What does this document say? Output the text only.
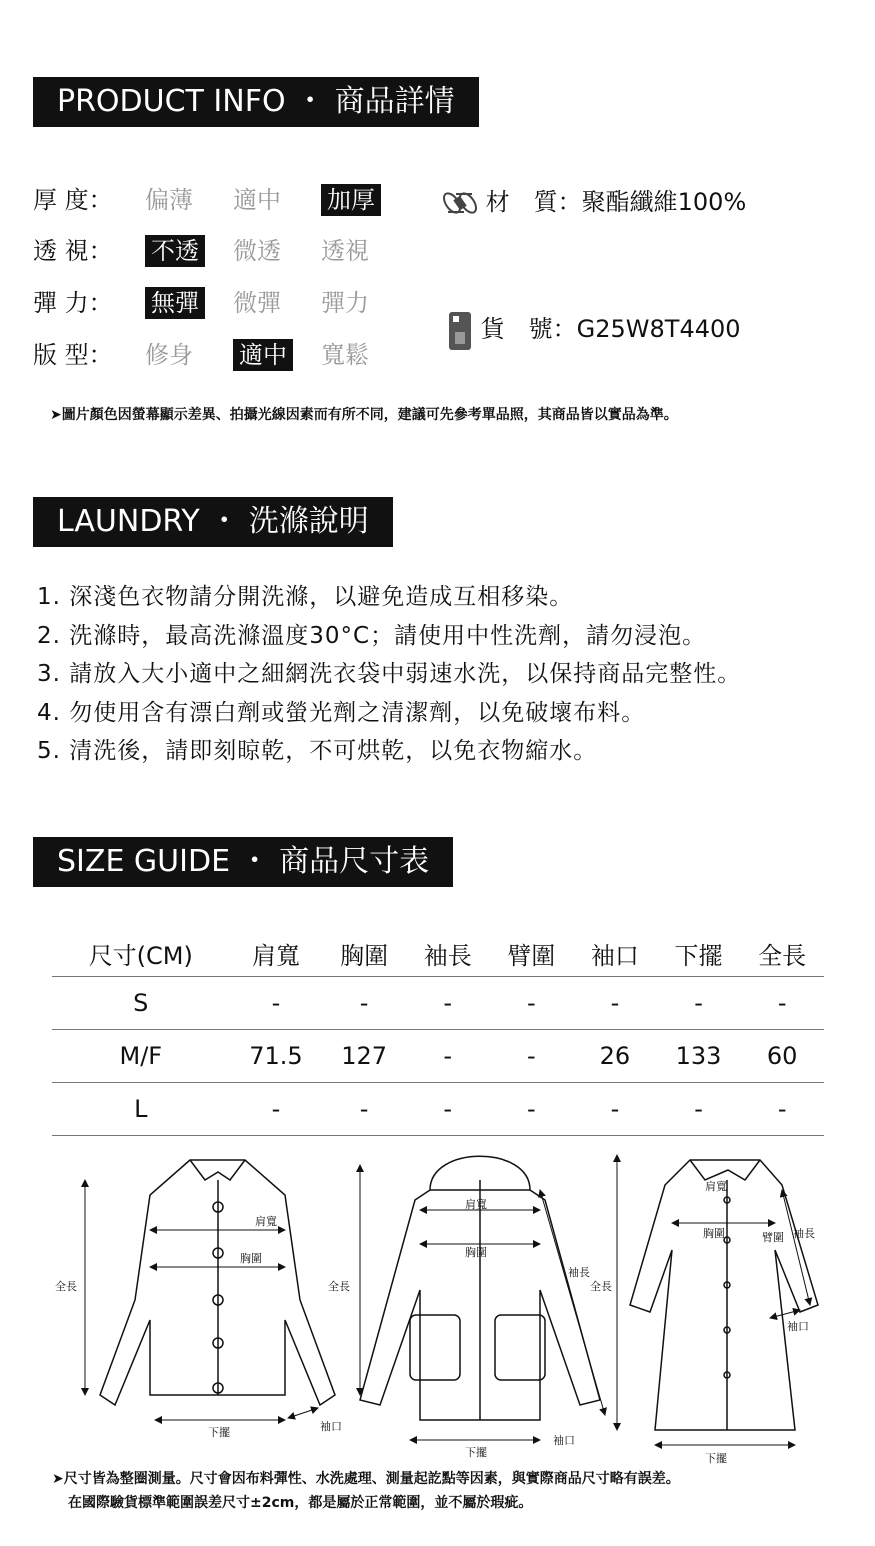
PRODUCT INFO ・ 商品詳情
厚 度： 偏薄 適中 加厚
透 視： 不透 微透 透視
彈 力： 無彈 微彈 彈力
版 型： 修身 適中 寬鬆
材　質：聚酯纖維100%
貨　號：G25W8T4400
➤圖片顏色因螢幕顯示差異、拍攝光線因素而有所不同，建議可先參考單品照，其商品皆以實品為準。
LAUNDRY ・ 洗滌說明
1. 深淺色衣物請分開洗滌，以避免造成互相移染。
2. 洗滌時，最高洗滌溫度30°C；請使用中性洗劑，請勿浸泡。
3. 請放入大小適中之細網洗衣袋中弱速水洗，以保持商品完整性。
4. 勿使用含有漂白劑或螢光劑之清潔劑，以免破壞布料。
5. 清洗後，請即刻晾乾，不可烘乾，以免衣物縮水。
SIZE GUIDE ・ 商品尺寸表
尺寸(CM)	肩寬	胸圍	袖長	臂圍	袖口	下擺	全長
S	-	-	-	-	-	-	-
M/F	71.5	127	-	-	26	133	60
L	-	-	-	-	-	-	-
全長
肩寬
胸圍
下擺	袖口
全長
肩寬
胸圍
袖長
下擺
袖口
全長
肩寬
胸圍	臂圍 袖長
袖口
下擺
➤尺寸皆為整圈測量。尺寸會因布料彈性、水洗處理、測量起訖點等因素，與實際商品尺寸略有誤差。
在國際驗貨標準範圍誤差尺寸±2cm，都是屬於正常範圍，並不屬於瑕疵。
